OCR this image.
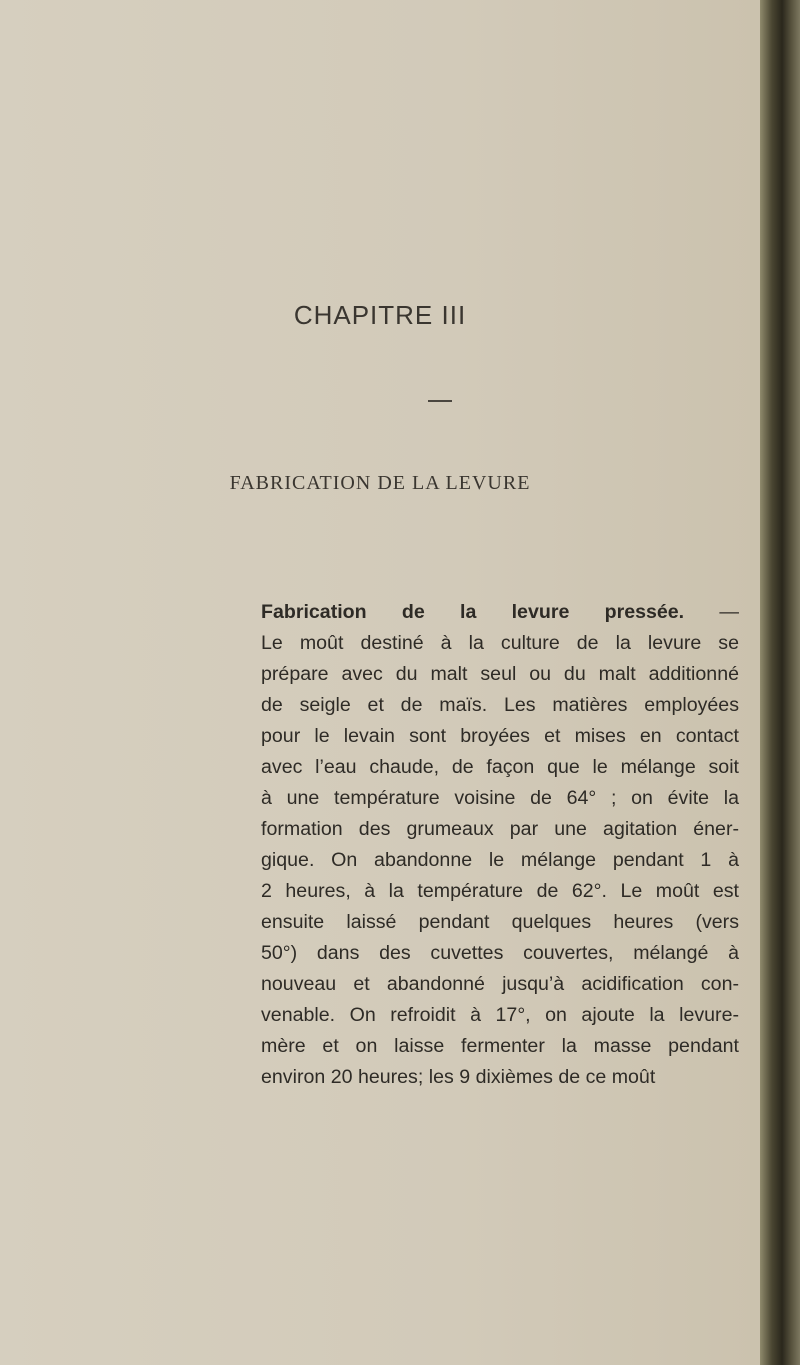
CHAPITRE III
FABRICATION DE LA LEVURE
Fabrication de la levure pressée. —
Le moût destiné à la culture de la levure se
prépare avec du malt seul ou du malt additionné
de seigle et de maïs. Les matières employées
pour le levain sont broyées et mises en contact
avec l’eau chaude, de façon que le mélange soit
à une température voisine de 64° ; on évite la
formation des grumeaux par une agitation éner-
gique. On abandonne le mélange pendant 1 à
2 heures, à la température de 62°. Le moût est
ensuite laissé pendant quelques heures (vers
50°) dans des cuvettes couvertes, mélangé à
nouveau et abandonné jusqu’à acidification con-
venable. On refroidit à 17°, on ajoute la levure-
mère et on laisse fermenter la masse pendant
environ 20 heures; les 9 dixièmes de ce moût
